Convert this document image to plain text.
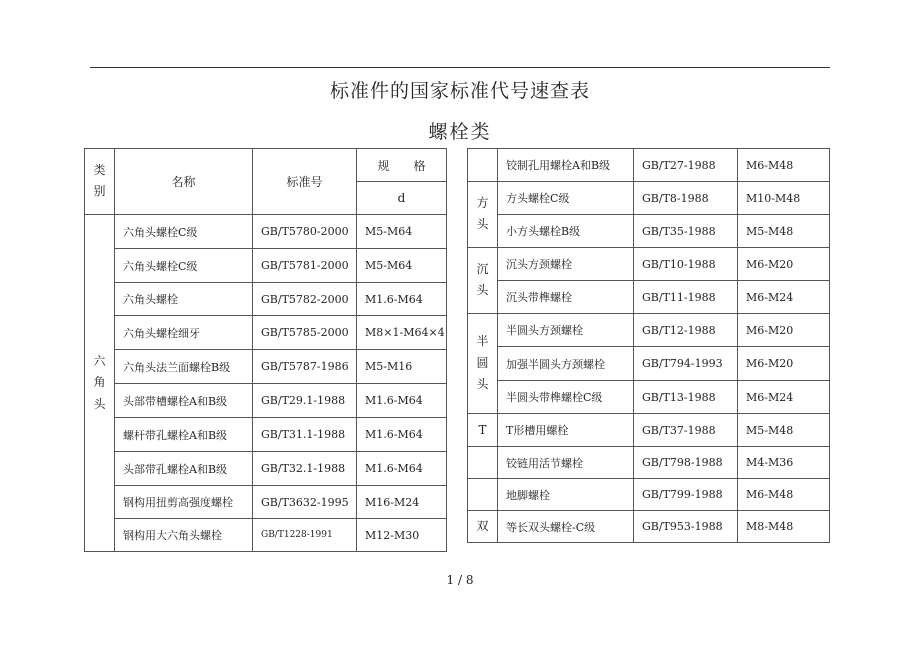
标准件的国家标准代号速查表
螺栓类
类
别	名称	标准号	规　　格
			d
六
角
头	六角头螺栓C级	GB/T5780-2000	M5-M64
	六角头螺栓C级	GB/T5781-2000	M5-M64
	六角头螺栓	GB/T5782-2000	M1.6-M64
	六角头螺栓细牙	GB/T5785-2000	M8×1-M64×4
	六角头法兰面螺栓B级	GB/T5787-1986	M5-M16
	头部带槽螺栓A和B级	GB/T29.1-1988	M1.6-M64
	螺杆带孔螺栓A和B级	GB/T31.1-1988	M1.6-M64
	头部带孔螺栓A和B级	GB/T32.1-1988	M1.6-M64
	钢构用扭剪高强度螺栓	GB/T3632-1995	M16-M24
	钢构用大六角头螺栓	GB/T1228-1991	M12-M30
	铰制孔用螺栓A和B级	GB/T27-1988	M6-M48
方
头	方头螺栓C级	GB/T8-1988	M10-M48
	小方头螺栓B级	GB/T35-1988	M5-M48
沉
头	沉头方颈螺栓	GB/T10-1988	M6-M20
	沉头带榫螺栓	GB/T11-1988	M6-M24
半
圆
头	半圆头方颈螺栓	GB/T12-1988	M6-M20
	加强半圆头方颈螺栓	GB/T794-1993	M6-M20
	半圆头带榫螺栓C级	GB/T13-1988	M6-M24
T	T形槽用螺栓	GB/T37-1988	M5-M48
	铰链用活节螺栓	GB/T798-1988	M4-M36
	地脚螺栓	GB/T799-1988	M6-M48
双	等长双头螺栓-C级	GB/T953-1988	M8-M48
1 / 8
